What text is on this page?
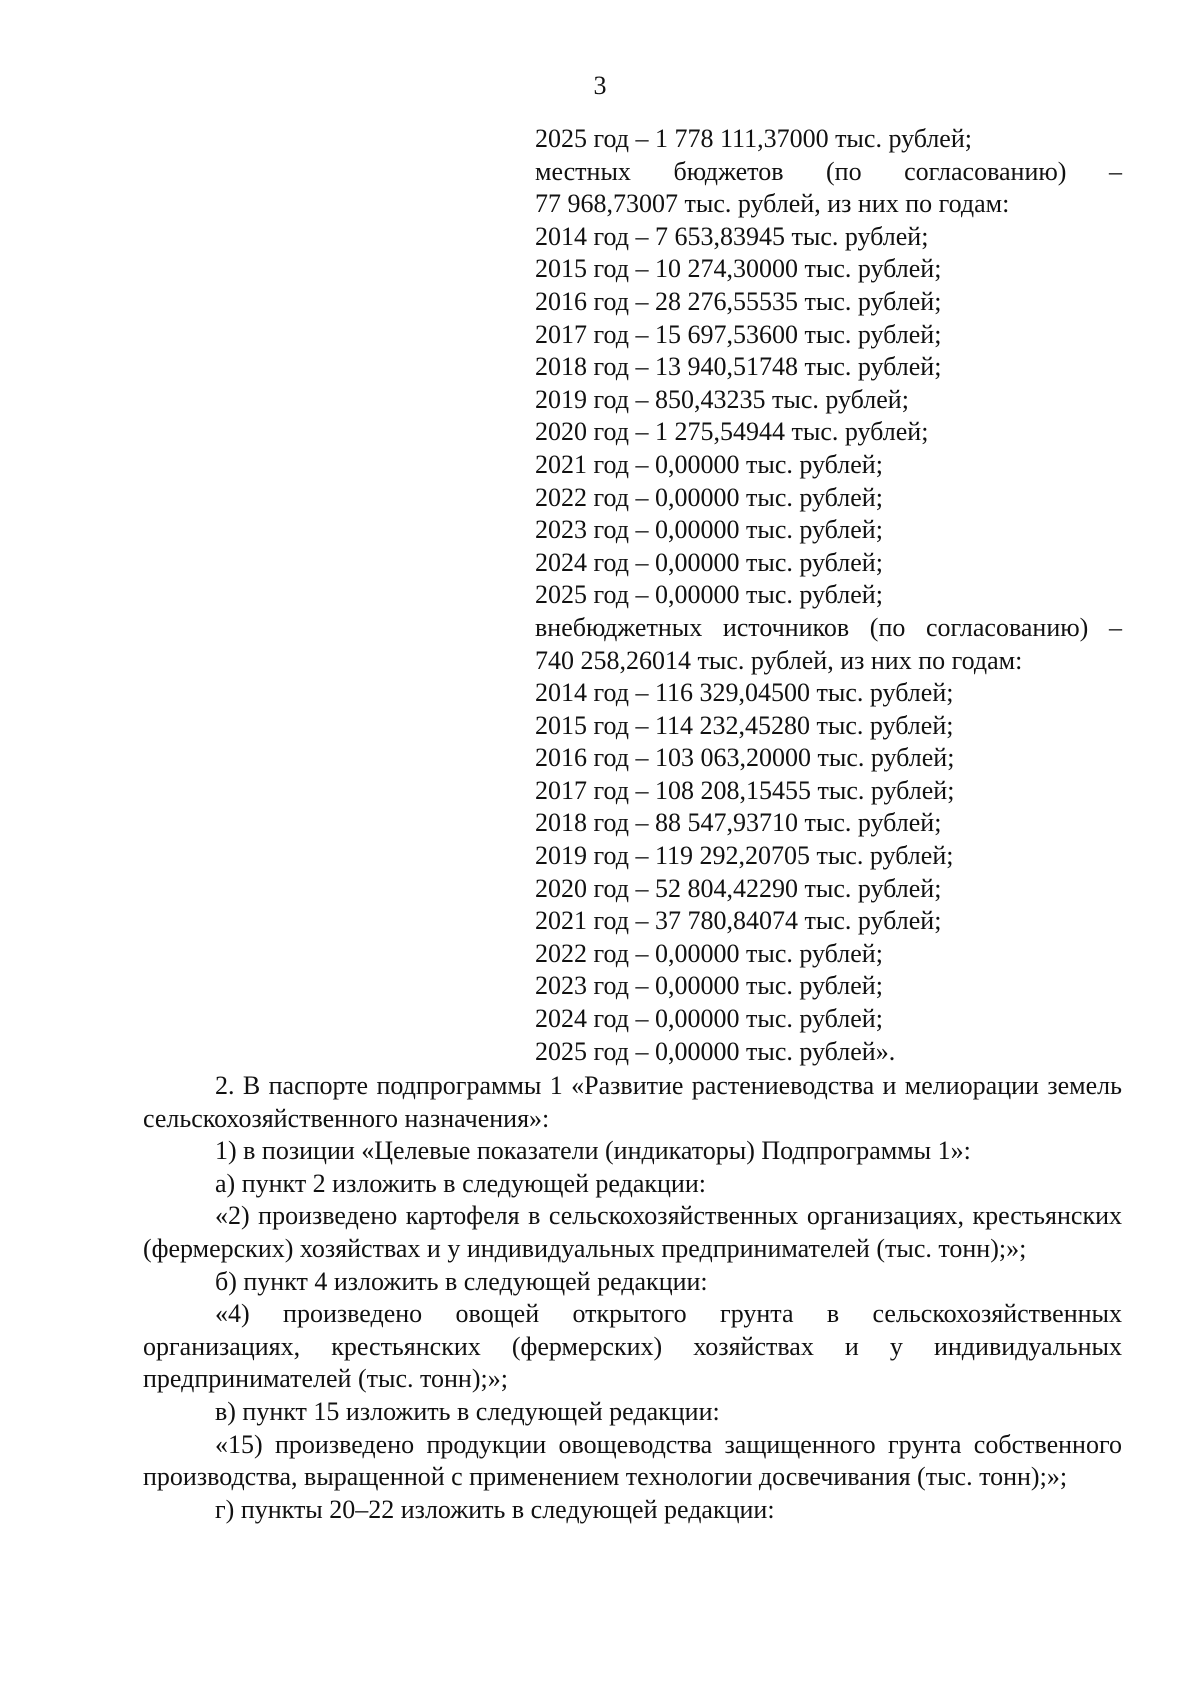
3
2025 год – 1 778 111,37000 тыс. рублей;
местных бюджетов (по согласованию) –
77 968,73007 тыс. рублей, из них по годам:
2014 год – 7 653,83945 тыс. рублей;
2015 год – 10 274,30000 тыс. рублей;
2016 год – 28 276,55535 тыс. рублей;
2017 год – 15 697,53600 тыс. рублей;
2018 год – 13 940,51748 тыс. рублей;
2019 год – 850,43235 тыс. рублей;
2020 год – 1 275,54944 тыс. рублей;
2021 год – 0,00000 тыс. рублей;
2022 год – 0,00000 тыс. рублей;
2023 год – 0,00000 тыс. рублей;
2024 год – 0,00000 тыс. рублей;
2025 год – 0,00000 тыс. рублей;
внебюджетных источников (по согласованию) –
740 258,26014 тыс. рублей, из них по годам:
2014 год – 116 329,04500 тыс. рублей;
2015 год – 114 232,45280 тыс. рублей;
2016 год – 103 063,20000 тыс. рублей;
2017 год – 108 208,15455 тыс. рублей;
2018 год – 88 547,93710 тыс. рублей;
2019 год – 119 292,20705 тыс. рублей;
2020 год – 52 804,42290 тыс. рублей;
2021 год – 37 780,84074 тыс. рублей;
2022 год – 0,00000 тыс. рублей;
2023 год – 0,00000 тыс. рублей;
2024 год – 0,00000 тыс. рублей;
2025 год – 0,00000 тыс. рублей».

2. В паспорте подпрограммы 1 «Развитие растениеводства и мелиорации земель сельскохозяйственного назначения»:

1) в позиции «Целевые показатели (индикаторы) Подпрограммы 1»:

а) пункт 2 изложить в следующей редакции:

«2) произведено картофеля в сельскохозяйственных организациях, крестьянских (фермерских) хозяйствах и у индивидуальных предпринимателей (тыс. тонн);»;

б) пункт 4 изложить в следующей редакции:

«4) произведено овощей открытого грунта в сельскохозяйственных организациях, крестьянских (фермерских) хозяйствах и у индивидуальных предпринимателей (тыс. тонн);»;

в) пункт 15 изложить в следующей редакции:

«15) произведено продукции овощеводства защищенного грунта собственного производства, выращенной с применением технологии досвечивания (тыс. тонн);»;

г) пункты 20–22 изложить в следующей редакции:
